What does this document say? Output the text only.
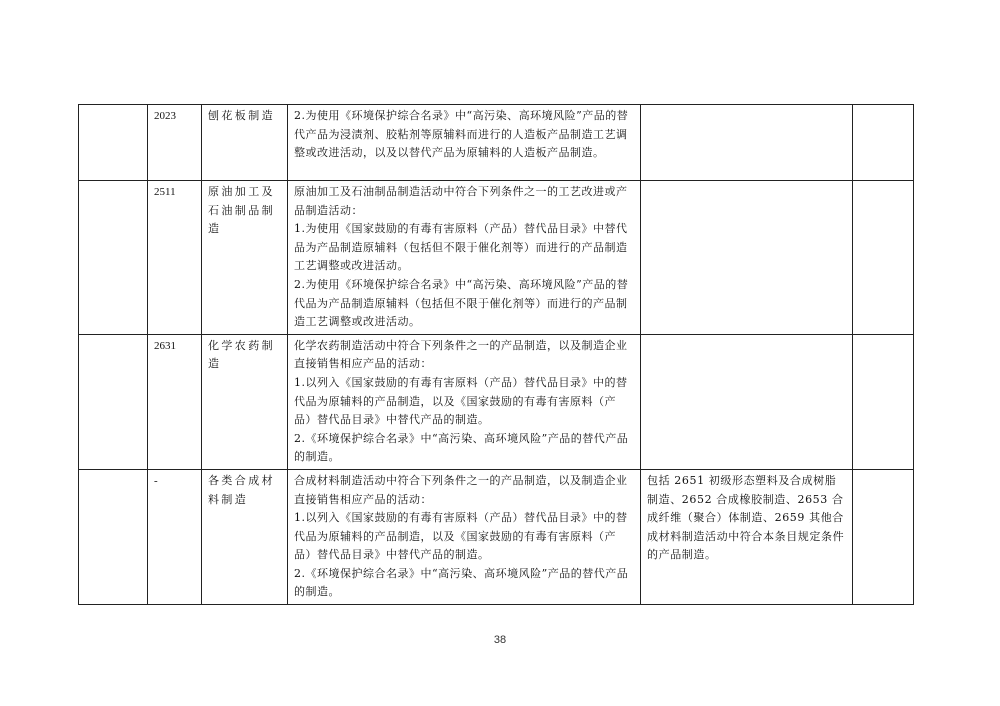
	2023	刨花板制造	2.为使用《环境保护综合名录》中“高污染、高环境风险”产品的替代产品为浸渍剂、胶粘剂等原辅料而进行的人造板产品制造工艺调整或改进活动，以及以替代产品为原辅料的人造板产品制造。		

	2511	原油加工及石油制品制造	原油加工及石油制品制造活动中符合下列条件之一的工艺改进或产品制造活动：
1.为使用《国家鼓励的有毒有害原料（产品）替代品目录》中替代品为产品制造原辅料（包括但不限于催化剂等）而进行的产品制造工艺调整或改进活动。
2.为使用《环境保护综合名录》中“高污染、高环境风险”产品的替代品为产品制造原辅料（包括但不限于催化剂等）而进行的产品制造工艺调整或改进活动。		

	2631	化学农药制造	化学农药制造活动中符合下列条件之一的产品制造，以及制造企业直接销售相应产品的活动：
1.以列入《国家鼓励的有毒有害原料（产品）替代品目录》中的替代品为原辅料的产品制造，以及《国家鼓励的有毒有害原料（产品）替代品目录》中替代产品的制造。
2.《环境保护综合名录》中“高污染、高环境风险”产品的替代产品的制造。		

	-	各类合成材料制造	合成材料制造活动中符合下列条件之一的产品制造，以及制造企业直接销售相应产品的活动：
1.以列入《国家鼓励的有毒有害原料（产品）替代品目录》中的替代品为原辅料的产品制造，以及《国家鼓励的有毒有害原料（产品）替代品目录》中替代产品的制造。
2.《环境保护综合名录》中“高污染、高环境风险”产品的替代产品的制造。	包括 2651 初级形态塑料及合成树脂制造、2652 合成橡胶制造、2653 合成纤维（聚合）体制造、2659 其他合成材料制造活动中符合本条目规定条件的产品制造。	
38
